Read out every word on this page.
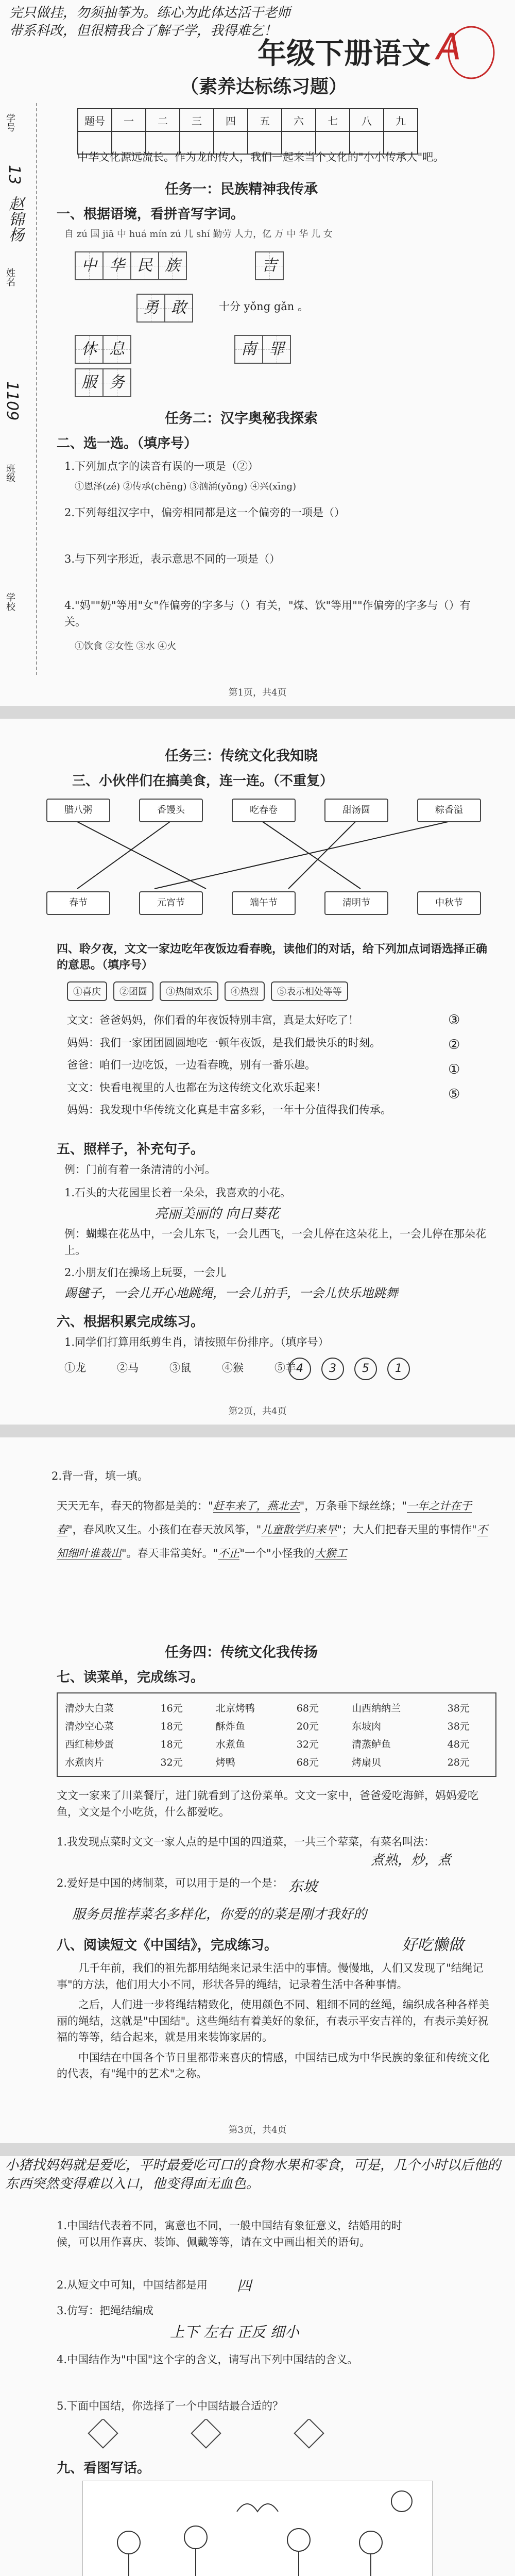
完只做挂，勿须抽筝为。练心为此体达活干老师带系科改，但很精我合了解子学，我得难乞！
年级下册语文 A
（素养达标练习题）
题号	一	二	三	四	五	六	七	八	九

学号
13
姓名
赵锦杨
班级
1109
学校
中华文化源远流长。作为龙的传人，我们一起来当个文化的"小小传承人"吧。
任务一：民族精神我传承
一、根据语境，看拼音写字词。
自 zú 国 jiā 中 huá mín zú 几 shí 勤劳 人力，亿 万 中 华 儿 女
中 华 民 族	吉
勇 敢
休 息	南 罪
服 务
十分 yǒng gǎn 。
任务二：汉字奥秘我探索
二、选一选。（填序号）
1.下列加点字的读音有误的一项是（②）
①恩泽(zé) ②传承(chēng) ③汹涌(yǒng) ④兴(xīng)
2.下列每组汉字中，偏旁相同都是这一个偏旁的一项是（）
3.与下列字形近，表示意思不同的一项是（）
4."妈""奶"等用"女"作偏旁的字多与（）有关，"煤、饮"等用""作偏旁的字多与（）有关。
①饮食 ②女性 ③水 ④火
第1页，共4页
任务三：传统文化我知晓
三、小伙伴们在搞美食，连一连。（不重复）
四、聆夕夜，文文一家边吃年夜饭边看春晚，读他们的对话，给下列加点词语选择正确的意思。（填序号）
①喜庆	②团圆	③热闹欢乐	④热烈	⑤表示相处等等
文文：爸爸妈妈，你们看的年夜饭特别丰富，真是太好吃了！
妈妈：我们一家团团圆圆地吃一顿年夜饭，是我们最快乐的时刻。
爸爸：咱们一边吃饭，一边看春晚，别有一番乐趣。
文文：快看电视里的人也都在为这传统文化欢乐起来！
妈妈：我发现中华传统文化真是丰富多彩，一年十分值得我们传承。
③
②
①
⑤
五、照样子，补充句子。
例：门前有着一条清清的小河。
1.石头的大花园里长着一朵朵，我喜欢的小花。
亮丽美丽的 向日葵花
例：蝴蝶在花丛中，一会儿东飞，一会儿西飞，一会儿停在这朵花上，一会儿停在那朵花上。
2.小朋友们在操场上玩耍，一会儿
踢毽子，一会儿开心地跳绳，一会儿拍手，一会儿快乐地跳舞
六、根据积累完成练习。
1.同学们打算用纸剪生肖，请按照年份排序。（填序号）
①龙	②马	③鼠	④猴	⑤羊 4	3	5	1
第2页，共4页
腊八粥	香馒头	吃春卷	甜汤圆	粽香溢
春节	元宵节	端午节	清明节	中秋节
2.背一背，填一填。
天天无车，春天的物都是美的："赶车来了，燕北去"，万条垂下绿丝绦；"一年之计在于春"，春风吹又生。小孩们在春天放风筝，"儿童散学归来早"；大人们把春天里的事情作"不知细叶谁裁出"。春天非常美好。"不正"一个"小怪我的大猴工
任务四：传统文化我传扬
七、读菜单，完成练习。
清炒大白菜	16元	北京烤鸭	68元	山西纳纳兰	38元
清炒空心菜	18元	酥炸鱼	20元	东坡肉	38元
西红柿炒蛋	18元	水煮鱼	32元	清蒸鲈鱼	48元
水煮肉片	32元	烤鸭	68元	烤扇贝	28元
文文一家来了川菜餐厅，进门就看到了这份菜单。文文一家中，爸爸爱吃海鲜，妈妈爱吃鱼，文文是个小吃货，什么都爱吃。
1.我发现点菜时文文一家人点的是中国的四道菜，一共三个荤菜，有菜名叫法：
煮熟，炒，煮
2.爱好是中国的烤制菜，可以用于是的一个是： 东坡
服务员推荐菜名多样化，你爱的的菜是刚才我好的
八、阅读短文《中国结》，完成练习。	好吃懒做
几千年前，我们的祖先都用结绳来记录生活中的事情。慢慢地，人们又发现了"结绳记事"的方法，他们用大小不同，形状各异的绳结，记录着生活中各种事情。
之后，人们进一步将绳结精致化，使用颜色不同、粗细不同的丝绳，编织成各种各样美丽的绳结，这就是"中国结"。这些绳结有着美好的象征，有表示平安吉祥的，有表示美好祝福的等等，结合起来，就是用来装饰家居的。
中国结在中国各个节日里都带来喜庆的情感，中国结已成为中华民族的象征和传统文化的代表，有"绳中的艺术"之称。
第3页，共4页
小猪找妈妈就是爱吃，平时最爱吃可口的食物水果和零食，可是，几个小时以后他的东西突然变得难以入口，他变得面无血色。
1.中国结代表着不同，寓意也不同，一般中国结有象征意义，结婚用的时候，可以用作喜庆、装饰、佩戴等等，请在文中画出相关的语句。
2.从短文中可知，中国结都是用	四
3.仿写：把绳结编成
上下 左右 正反 细小
4.中国结作为"中国"这个字的含义，请写出下列中国结的含义。
5.下面中国结，你选择了一个中国结最合适的？
九、看图写话。
